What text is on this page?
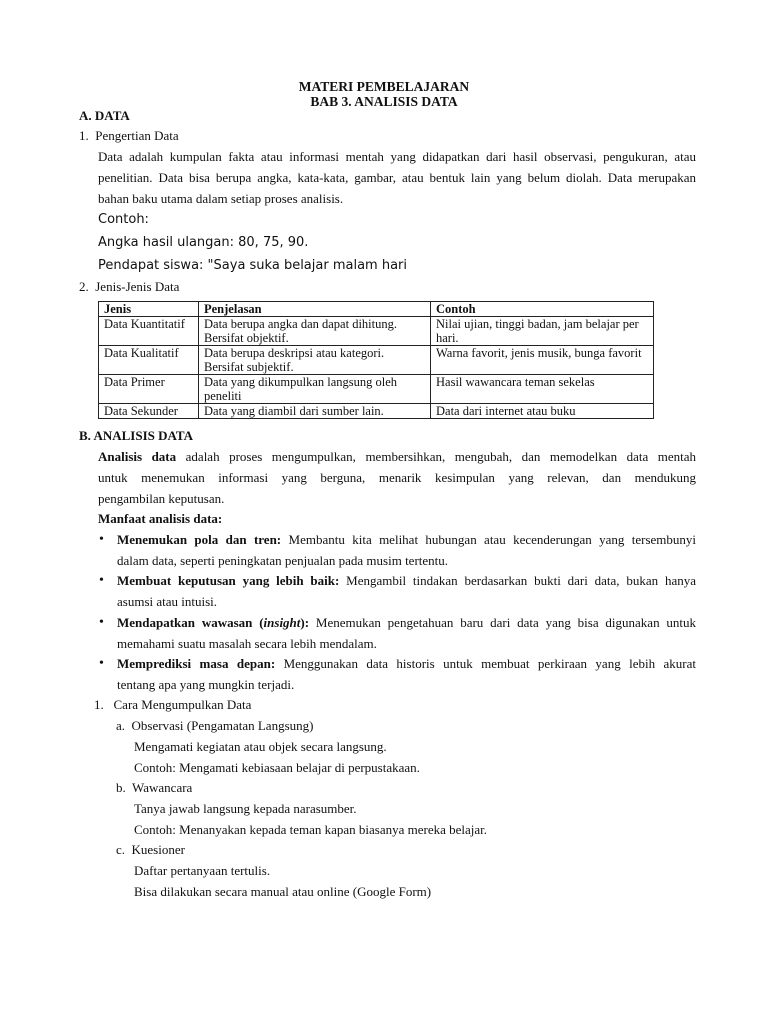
MATERI PEMBELAJARAN
BAB 3. ANALISIS DATA
A. DATA
1.  Pengertian Data
Data adalah kumpulan fakta atau informasi mentah yang didapatkan dari hasil observasi, pengukuran, atau
penelitian. Data bisa berupa angka, kata-kata, gambar, atau bentuk lain yang belum diolah. Data merupakan
bahan baku utama dalam setiap proses analisis.
Contoh:
Angka hasil ulangan: 80, 75, 90.
Pendapat siswa: "Saya suka belajar malam hari
2.  Jenis-Jenis Data
Jenis	Penjelasan	Contoh
Data Kuantitatif	Data berupa angka dan dapat dihitung. Bersifat objektif.	Nilai ujian, tinggi badan, jam belajar per hari.
Data Kualitatif	Data berupa deskripsi atau kategori. Bersifat subjektif.	Warna favorit, jenis musik, bunga favorit
Data Primer	Data yang dikumpulkan langsung oleh peneliti	Hasil wawancara teman sekelas
Data Sekunder	Data yang diambil dari sumber lain.	Data dari internet atau buku
B. ANALISIS DATA
Analisis data adalah proses mengumpulkan, membersihkan, mengubah, dan memodelkan data mentah
untuk menemukan informasi yang berguna, menarik kesimpulan yang relevan, dan mendukung
pengambilan keputusan.
Manfaat analisis data:
• Menemukan pola dan tren: Membantu kita melihat hubungan atau kecenderungan yang tersembunyi
dalam data, seperti peningkatan penjualan pada musim tertentu.
• Membuat keputusan yang lebih baik: Mengambil tindakan berdasarkan bukti dari data, bukan hanya
asumsi atau intuisi.
• Mendapatkan wawasan (insight): Menemukan pengetahuan baru dari data yang bisa digunakan untuk
memahami suatu masalah secara lebih mendalam.
• Memprediksi masa depan: Menggunakan data historis untuk membuat perkiraan yang lebih akurat
tentang apa yang mungkin terjadi.
1.   Cara Mengumpulkan Data
a.  Observasi (Pengamatan Langsung)
Mengamati kegiatan atau objek secara langsung.
Contoh: Mengamati kebiasaan belajar di perpustakaan.
b.  Wawancara
Tanya jawab langsung kepada narasumber.
Contoh: Menanyakan kepada teman kapan biasanya mereka belajar.
c.  Kuesioner
Daftar pertanyaan tertulis.
Bisa dilakukan secara manual atau online (Google Form)
